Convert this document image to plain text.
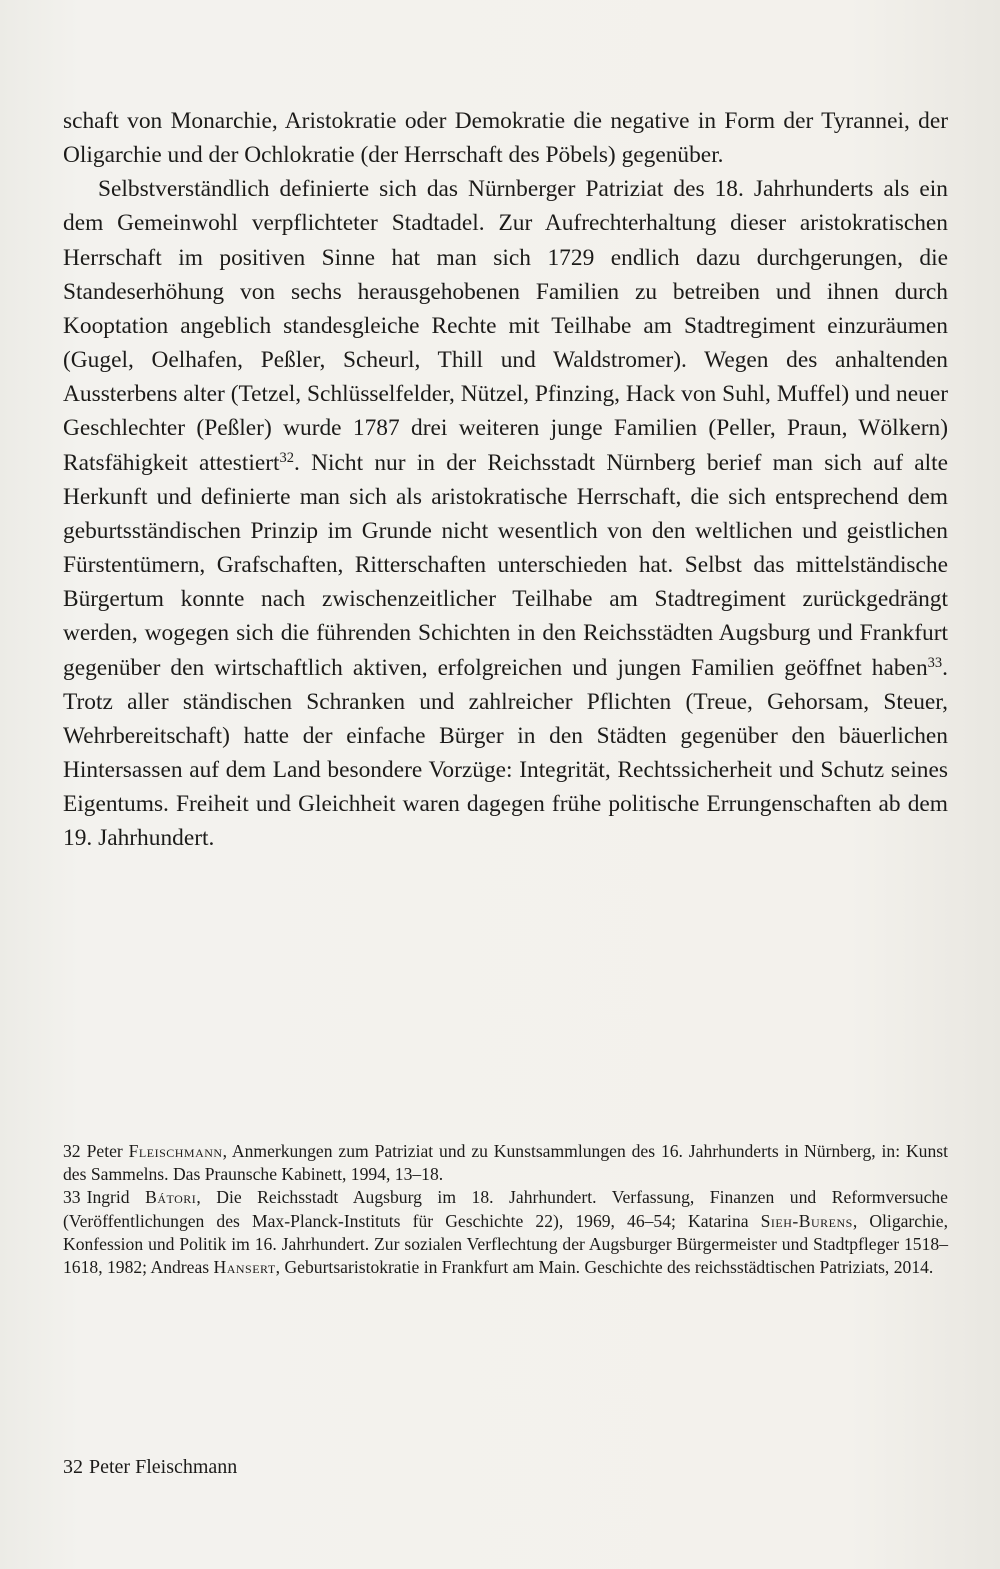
schaft von Monarchie, Aristokratie oder Demokratie die negative in Form der Tyrannei, der Oligarchie und der Ochlokratie (der Herrschaft des Pöbels) gegenüber.

Selbstverständlich definierte sich das Nürnberger Patriziat des 18. Jahrhunderts als ein dem Gemeinwohl verpflichteter Stadtadel. Zur Aufrechterhaltung dieser aristokratischen Herrschaft im positiven Sinne hat man sich 1729 endlich dazu durchgerungen, die Standeserhöhung von sechs herausgehobenen Familien zu betreiben und ihnen durch Kooptation angeblich standesgleiche Rechte mit Teilhabe am Stadtregiment einzuräumen (Gugel, Oelhafen, Peßler, Scheurl, Thill und Waldstromer). Wegen des anhaltenden Aussterbens alter (Tetzel, Schlüsselfelder, Nützel, Pfinzing, Hack von Suhl, Muffel) und neuer Geschlechter (Peßler) wurde 1787 drei weiteren junge Familien (Peller, Praun, Wölkern) Ratsfähigkeit attestiert$^{32}$. Nicht nur in der Reichsstadt Nürnberg berief man sich auf alte Herkunft und definierte man sich als aristokratische Herrschaft, die sich entsprechend dem geburtsständischen Prinzip im Grunde nicht wesentlich von den weltlichen und geistlichen Fürstentümern, Grafschaften, Ritterschaften unterschieden hat. Selbst das mittelständische Bürgertum konnte nach zwischenzeitlicher Teilhabe am Stadtregiment zurückgedrängt werden, wogegen sich die führenden Schichten in den Reichsstädten Augsburg und Frankfurt gegenüber den wirtschaftlich aktiven, erfolgreichen und jungen Familien geöffnet haben$^{33}$. Trotz aller ständischen Schranken und zahlreicher Pflichten (Treue, Gehorsam, Steuer, Wehrbereitschaft) hatte der einfache Bürger in den Städten gegenüber den bäuerlichen Hintersassen auf dem Land besondere Vorzüge: Integrität, Rechtssicherheit und Schutz seines Eigentums. Freiheit und Gleichheit waren dagegen frühe politische Errungenschaften ab dem 19. Jahrhundert.

32 Peter Fleischmann, Anmerkungen zum Patriziat und zu Kunstsammlungen des 16. Jahrhunderts in Nürnberg, in: Kunst des Sammelns. Das Praunsche Kabinett, 1994, 13–18.

33 Ingrid Bátori, Die Reichsstadt Augsburg im 18. Jahrhundert. Verfassung, Finanzen und Reformversuche (Veröffentlichungen des Max-Planck-Instituts für Geschichte 22), 1969, 46–54; Katarina Sieh-Burens, Oligarchie, Konfession und Politik im 16. Jahrhundert. Zur sozialen Verflechtung der Augsburger Bürgermeister und Stadtpfleger 1518–1618, 1982; Andreas Hansert, Geburtsaristokratie in Frankfurt am Main. Geschichte des reichsstädtischen Patriziats, 2014.

32 Peter Fleischmann
